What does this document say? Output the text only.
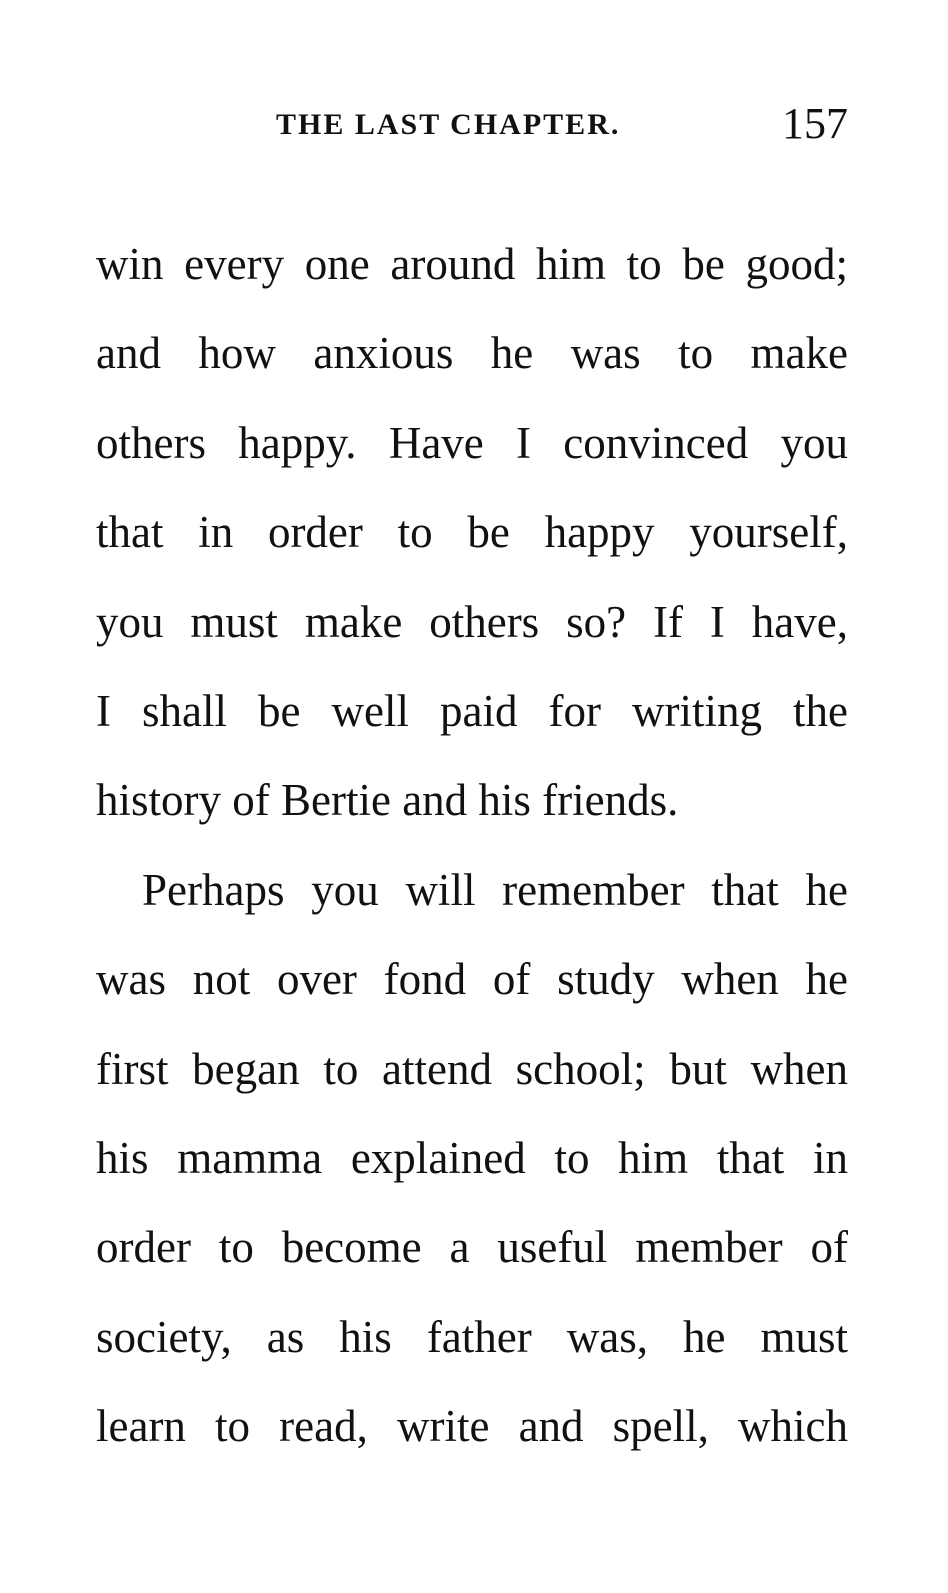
THE LAST CHAPTER.	157
win every one around him to be good;
and how anxious he was to make
others happy. Have I convinced you
that in order to be happy yourself,
you must make others so? If I have,
I shall be well paid for writing the
history of Bertie and his friends.
Perhaps you will remember that he
was not over fond of study when he
first began to attend school; but when
his mamma explained to him that in
order to become a useful member of
society, as his father was, he must
learn to read, write and spell, which
